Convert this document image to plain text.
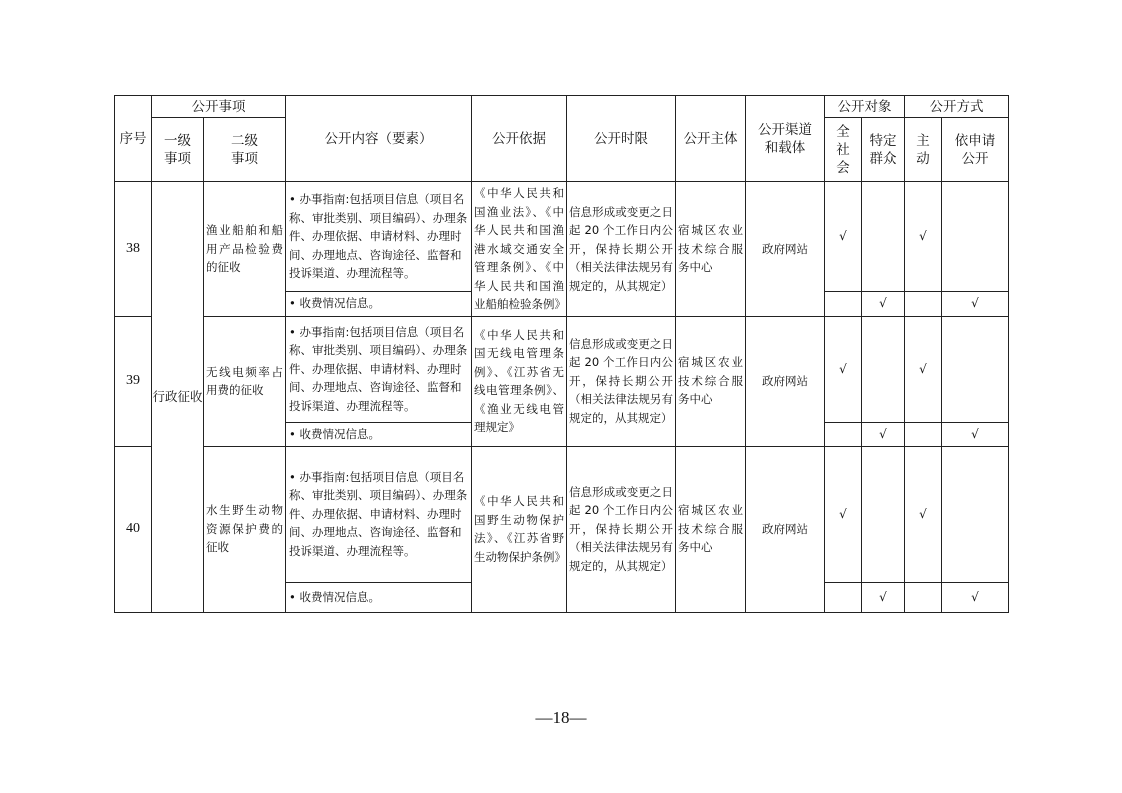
序号	公开事项		公开内容（要素）	公开依据	公开时限	公开主体	公开渠道和载体	公开对象		公开方式	

	一级事项	二级事项						全社会	特定群众	主动	依申请公开

38	行政征收	渔业船舶和船用产品检验费的征收	• 办事指南:包括项目信息（项目名称、审批类别、项目编码）、办理条件、办理依据、申请材料、办理时间、办理地点、咨询途径、监督和投诉渠道、办理流程等。	《中华人民共和国渔业法》、《中华人民共和国渔港水域交通安全管理条例》、《中华人民共和国渔业船舶检验条例》	信息形成或变更之日起 20 个工作日内公开，保持长期公开（相关法律法规另有规定的，从其规定）	宿城区农业技术综合服务中心	政府网站	√		√	
			• 收费情况信息。						√		√
39		无线电频率占用费的征收	• 办事指南:包括项目信息（项目名称、审批类别、项目编码）、办理条件、办理依据、申请材料、办理时间、办理地点、咨询途径、监督和投诉渠道、办理流程等。	《中华人民共和国无线电管理条例》、《江苏省无线电管理条例》、《渔业无线电管理规定》	信息形成或变更之日起 20 个工作日内公开，保持长期公开（相关法律法规另有规定的，从其规定）	宿城区农业技术综合服务中心	政府网站	√		√	
			• 收费情况信息。						√		√
40		水生野生动物资源保护费的征收	• 办事指南:包括项目信息（项目名称、审批类别、项目编码）、办理条件、办理依据、申请材料、办理时间、办理地点、咨询途径、监督和投诉渠道、办理流程等。	《中华人民共和国野生动物保护法》、《江苏省野生动物保护条例》	信息形成或变更之日起 20 个工作日内公开，保持长期公开（相关法律法规另有规定的，从其规定）	宿城区农业技术综合服务中心	政府网站	√		√	
			• 收费情况信息。						√		√
—18—
